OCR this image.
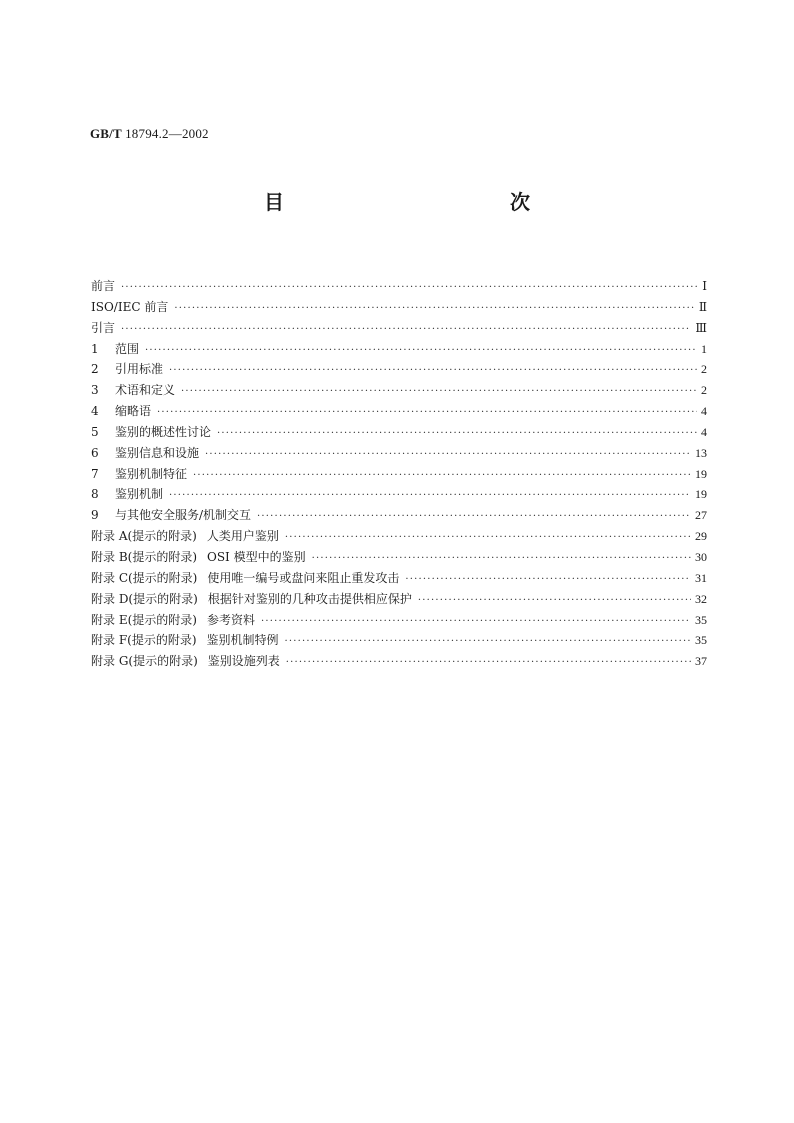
GB/T 18794.2—2002
目　　次
前言 ·····	Ⅰ
ISO/IEC 前言 ·····	Ⅱ
引言 ·····	Ⅲ
1 范围 ·····	1
2 引用标准 ·····	2
3 术语和定义 ·····	2
4 缩略语 ·····	4
5 鉴别的概述性讨论 ·····	4
6 鉴别信息和设施 ·····	13
7 鉴别机制特征 ·····	19
8 鉴别机制 ·····	19
9 与其他安全服务/机制交互 ·····	27
附录 A(提示的附录) 人类用户鉴别 ·····	29
附录 B(提示的附录) OSI 模型中的鉴别 ·····	30
附录 C(提示的附录) 使用唯一编号或盘问来阻止重发攻击 ·····	31
附录 D(提示的附录) 根据针对鉴别的几种攻击提供相应保护 ·····	32
附录 E(提示的附录) 参考资料 ·····	35
附录 F(提示的附录) 鉴别机制特例 ·····	35
附录 G(提示的附录) 鉴别设施列表 ·····	37
